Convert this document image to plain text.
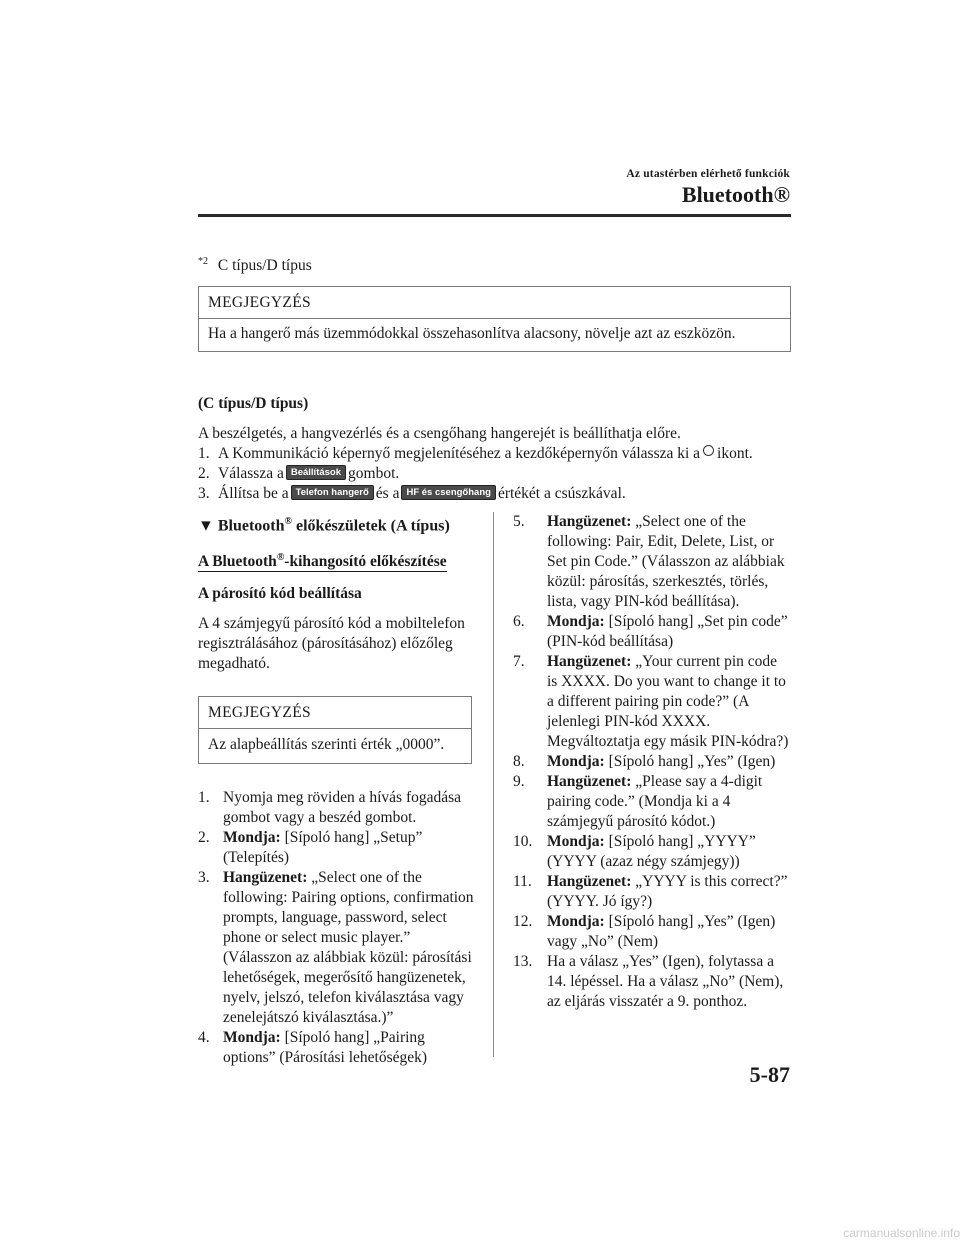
Az utastérben elérhető funkciók
Bluetooth®
$^{*2}$ C típus/D típus
MEGJEGYZÉS
Ha a hangerő más üzemmódokkal összehasonlítva alacsony, növelje azt az eszközön.
(C típus/D típus)
A beszélgetés, a hangvezérlés és a csengőhang hangerejét is beállíthatja előre.
1. A Kommunikáció képernyő megjelenítéséhez a kezdőképernyőn válassza ki a ikont.
2. Válassza a Beállítások gombot.
3. Állítsa be a Telefon hangerő és a HF és csengőhang értékét a csúszkával.
▼ Bluetooth® előkészületek (A típus)
A Bluetooth®-kihangosító előkészítése
A párosító kód beállítása
A 4 számjegyű párosító kód a mobiltelefon regisztrálásához (párosításához) előzőleg megadható.
MEGJEGYZÉS
Az alapbeállítás szerinti érték „0000”.
1. Nyomja meg röviden a hívás fogadása gombot vagy a beszéd gombot.
2. Mondja: [Sípoló hang] „Setup” (Telepítés)
3. Hangüzenet: „Select one of the following: Pairing options, confirmation prompts, language, password, select phone or select music player.” (Válasszon az alábbiak közül: párosítási lehetőségek, megerősítő hangüzenetek, nyelv, jelszó, telefon kiválasztása vagy zenelejátszó kiválasztása.)”
4. Mondja: [Sípoló hang] „Pairing options” (Párosítási lehetőségek)
5. Hangüzenet: „Select one of the following: Pair, Edit, Delete, List, or Set pin Code.” (Válasszon az alábbiak közül: párosítás, szerkesztés, törlés, lista, vagy PIN-kód beállítása).
6. Mondja: [Sípoló hang] „Set pin code” (PIN-kód beállítása)
7. Hangüzenet: „Your current pin code is XXXX. Do you want to change it to a different pairing pin code?” (A jelenlegi PIN-kód XXXX. Megváltoztatja egy másik PIN-kódra?)
8. Mondja: [Sípoló hang] „Yes” (Igen)
9. Hangüzenet: „Please say a 4-digit pairing code.” (Mondja ki a 4 számjegyű párosító kódot.)
10. Mondja: [Sípoló hang] „YYYY” (YYYY (azaz négy számjegy))
11. Hangüzenet: „YYYY is this correct?” (YYYY. Jó így?)
12. Mondja: [Sípoló hang] „Yes” (Igen) vagy „No” (Nem)
13. Ha a válasz „Yes” (Igen), folytassa a 14. lépéssel. Ha a válasz „No” (Nem), az eljárás visszatér a 9. ponthoz.
5-87
carmanualsonline.info
